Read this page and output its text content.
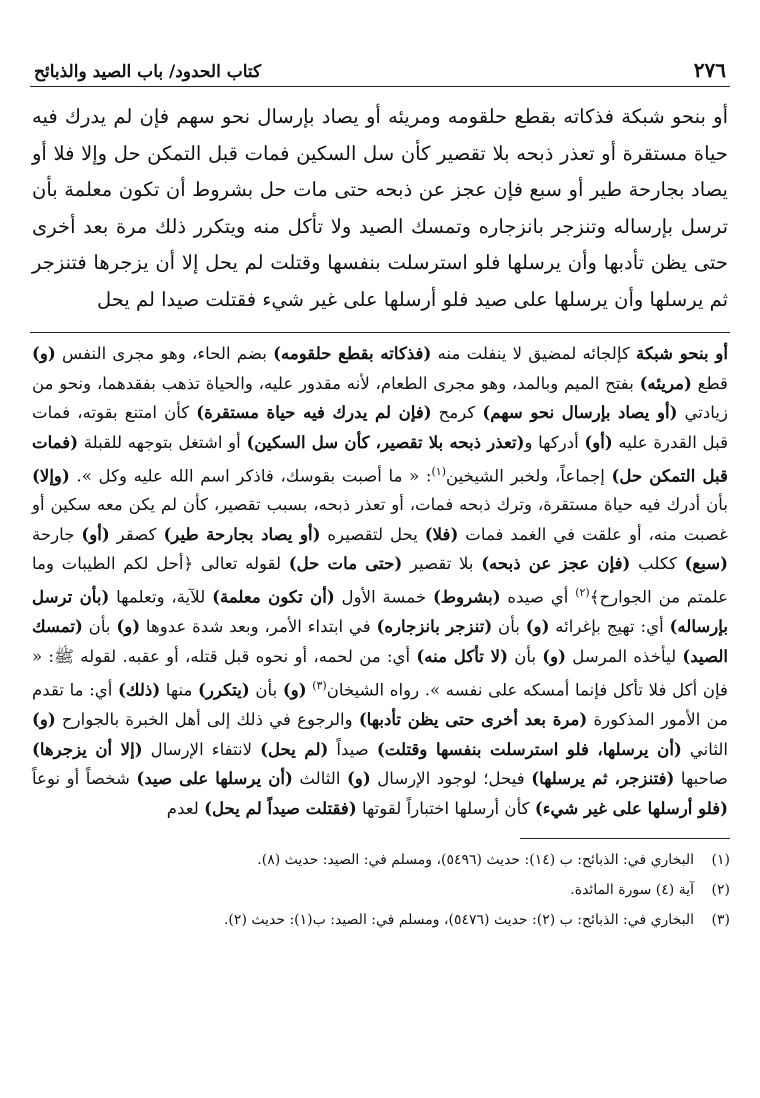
٢٧٦
كتاب الحدود/ باب الصيد والذبائح
أو بنحو شبكة فذكاته بقطع حلقومه ومريئه أو يصاد بإرسال نحو سهم فإن لم يدرك فيه حياة مستقرة أو تعذر ذبحه بلا تقصير كأن سل السكين فمات قبل التمكن حل وإلا فلا أو يصاد بجارحة طير أو سبع فإن عجز عن ذبحه حتى مات حل بشروط أن تكون معلمة بأن ترسل بإرساله وتنزجر بانزجاره وتمسك الصيد ولا تأكل منه ويتكرر ذلك مرة بعد أخرى حتى يظن تأدبها وأن يرسلها فلو استرسلت بنفسها وقتلت لم يحل إلا أن يزجرها فتنزجر ثم يرسلها وأن يرسلها على صيد فلو أرسلها على غير شيء فقتلت صيدا لم يحل
أو بنحو شبكة كإلجائه لمضيق لا ينفلت منه (فذكاته بقطع حلقومه) بضم الحاء، وهو مجرى النفس (و) قطع (مريئه) بفتح الميم وبالمد، وهو مجرى الطعام، لأنه مقدور عليه، والحياة تذهب بفقدهما، ونحو من زيادتي (أو يصاد بإرسال نحو سهم) كرمح (فإن لم يدرك فيه حياة مستقرة) كأن امتنع بقوته، فمات قبل القدرة عليه (أو) أدركها و(تعذر ذبحه بلا تقصير، كأن سل السكين) أو اشتغل بتوجهه للقبلة (فمات قبل التمكن حل) إجماعاً، ولخبر الشيخين$^{(١)}$: « ما أصبت بقوسك، فاذكر اسم الله عليه وكل ». (وإلا) بأن أدرك فيه حياة مستقرة، وترك ذبحه فمات، أو تعذر ذبحه، بسبب تقصير، كأن لم يكن معه سكين أو غصبت منه، أو علقت في الغمد فمات (فلا) يحل لتقصيره (أو يصاد بجارحة طير) كصقر (أو) جارحة (سبع) ككلب (فإن عجز عن ذبحه) بلا تقصير (حتى مات حل) لقوله تعالى ﴿أحل لكم الطيبات وما علمتم من الجوارح﴾$^{(٢)}$ أي صيده (بشروط) خمسة الأول (أن تكون معلمة) للآية، وتعلمها (بأن ترسل بإرساله) أي: تهيج بإغرائه (و) بأن (تنزجر بانزجاره) في ابتداء الأمر، وبعد شدة عدوها (و) بأن (تمسك الصيد) ليأخذه المرسل (و) بأن (لا تأكل منه) أي: من لحمه، أو نحوه قبل قتله، أو عقبه. لقوله ﷺ: « فإن أكل فلا تأكل فإنما أمسكه على نفسه ». رواه الشيخان$^{(٣)}$ (و) بأن (يتكرر) منها (ذلك) أي: ما تقدم من الأمور المذكورة (مرة بعد أخرى حتى يظن تأدبها) والرجوع في ذلك إلى أهل الخبرة بالجوارح (و) الثاني (أن يرسلها، فلو استرسلت بنفسها وقتلت) صيداً (لم يحل) لانتفاء الإرسال (إلا أن يزجرها) صاحبها (فتنزجر، ثم يرسلها) فيحل؛ لوجود الإرسال (و) الثالث (أن يرسلها على صيد) شخصاً أو نوعاً (فلو أرسلها على غير شيء) كأن أرسلها اختباراً لقوتها (فقتلت صيداً لم يحل) لعدم
(١)البخاري في: الذبائح: ب (١٤): حديث (٥٤٩٦)، ومسلم في: الصيد: حديث (٨).
(٢)آية (٤) سورة المائدة.
(٣)البخاري في: الذبائح: ب (٢): حديث (٥٤٧٦)، ومسلم في: الصيد: ب(١): حديث (٢).
